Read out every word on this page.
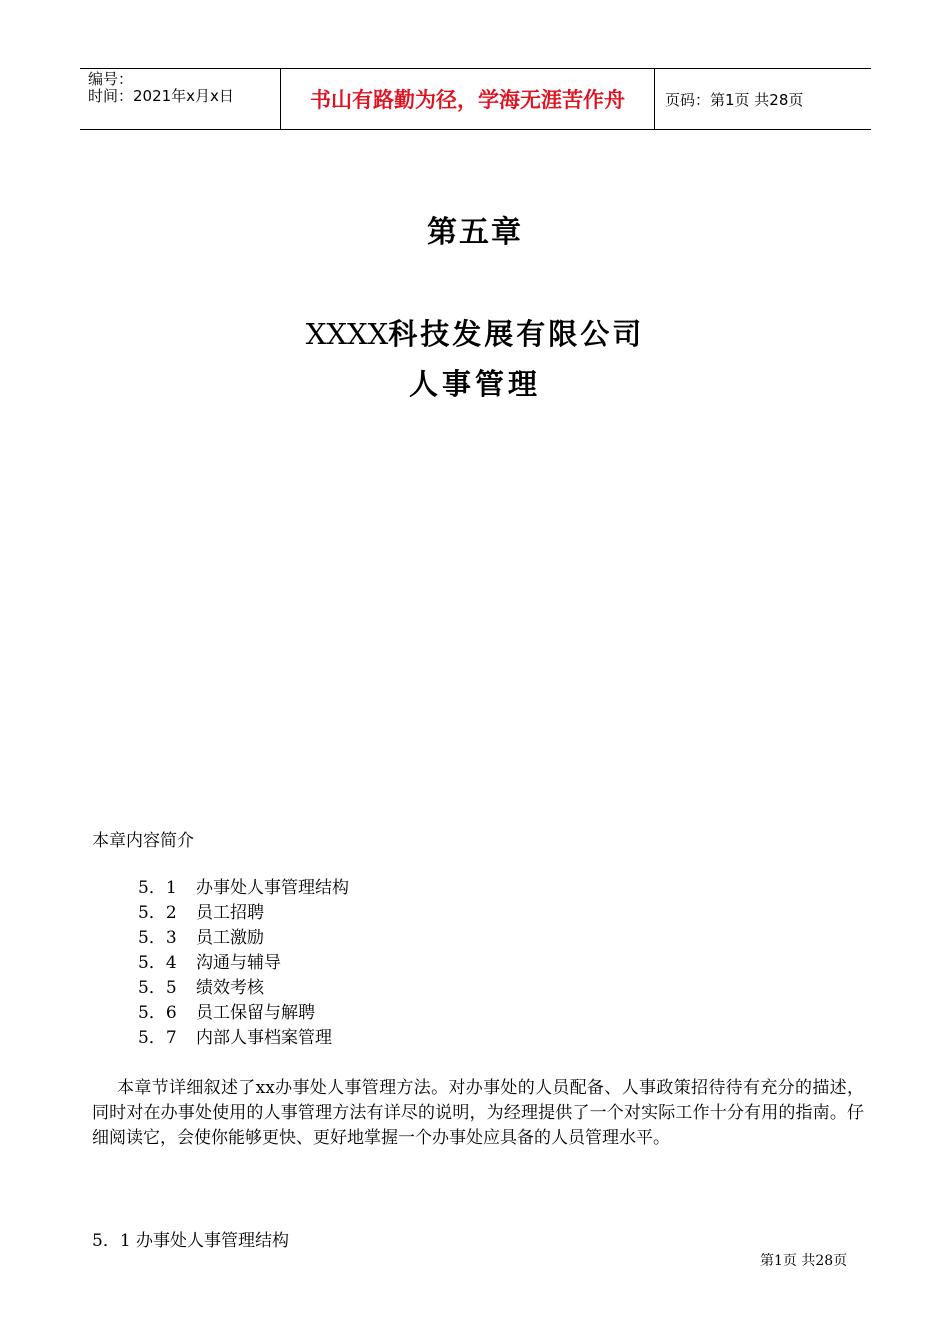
编号：
时间：2021年x月x日	书山有路勤为径，学海无涯苦作舟	页码：第1页 共28页
第五章
XXXX科技发展有限公司
人事管理
本章内容简介
5．1 办事处人事管理结构
5．2 员工招聘
5．3 员工激励
5．4 沟通与辅导
5．5 绩效考核
5．6 员工保留与解聘
5．7 内部人事档案管理

本章节详细叙述了xx办事处人事管理方法。对办事处的人员配备、人事政策招待待有充分的描述，同时对在办事处使用的人事管理方法有详尽的说明，为经理提供了一个对实际工作十分有用的指南。仔细阅读它，会使你能够更快、更好地掌握一个办事处应具备的人员管理水平。

5．1 办事处人事管理结构
第1页 共28页
